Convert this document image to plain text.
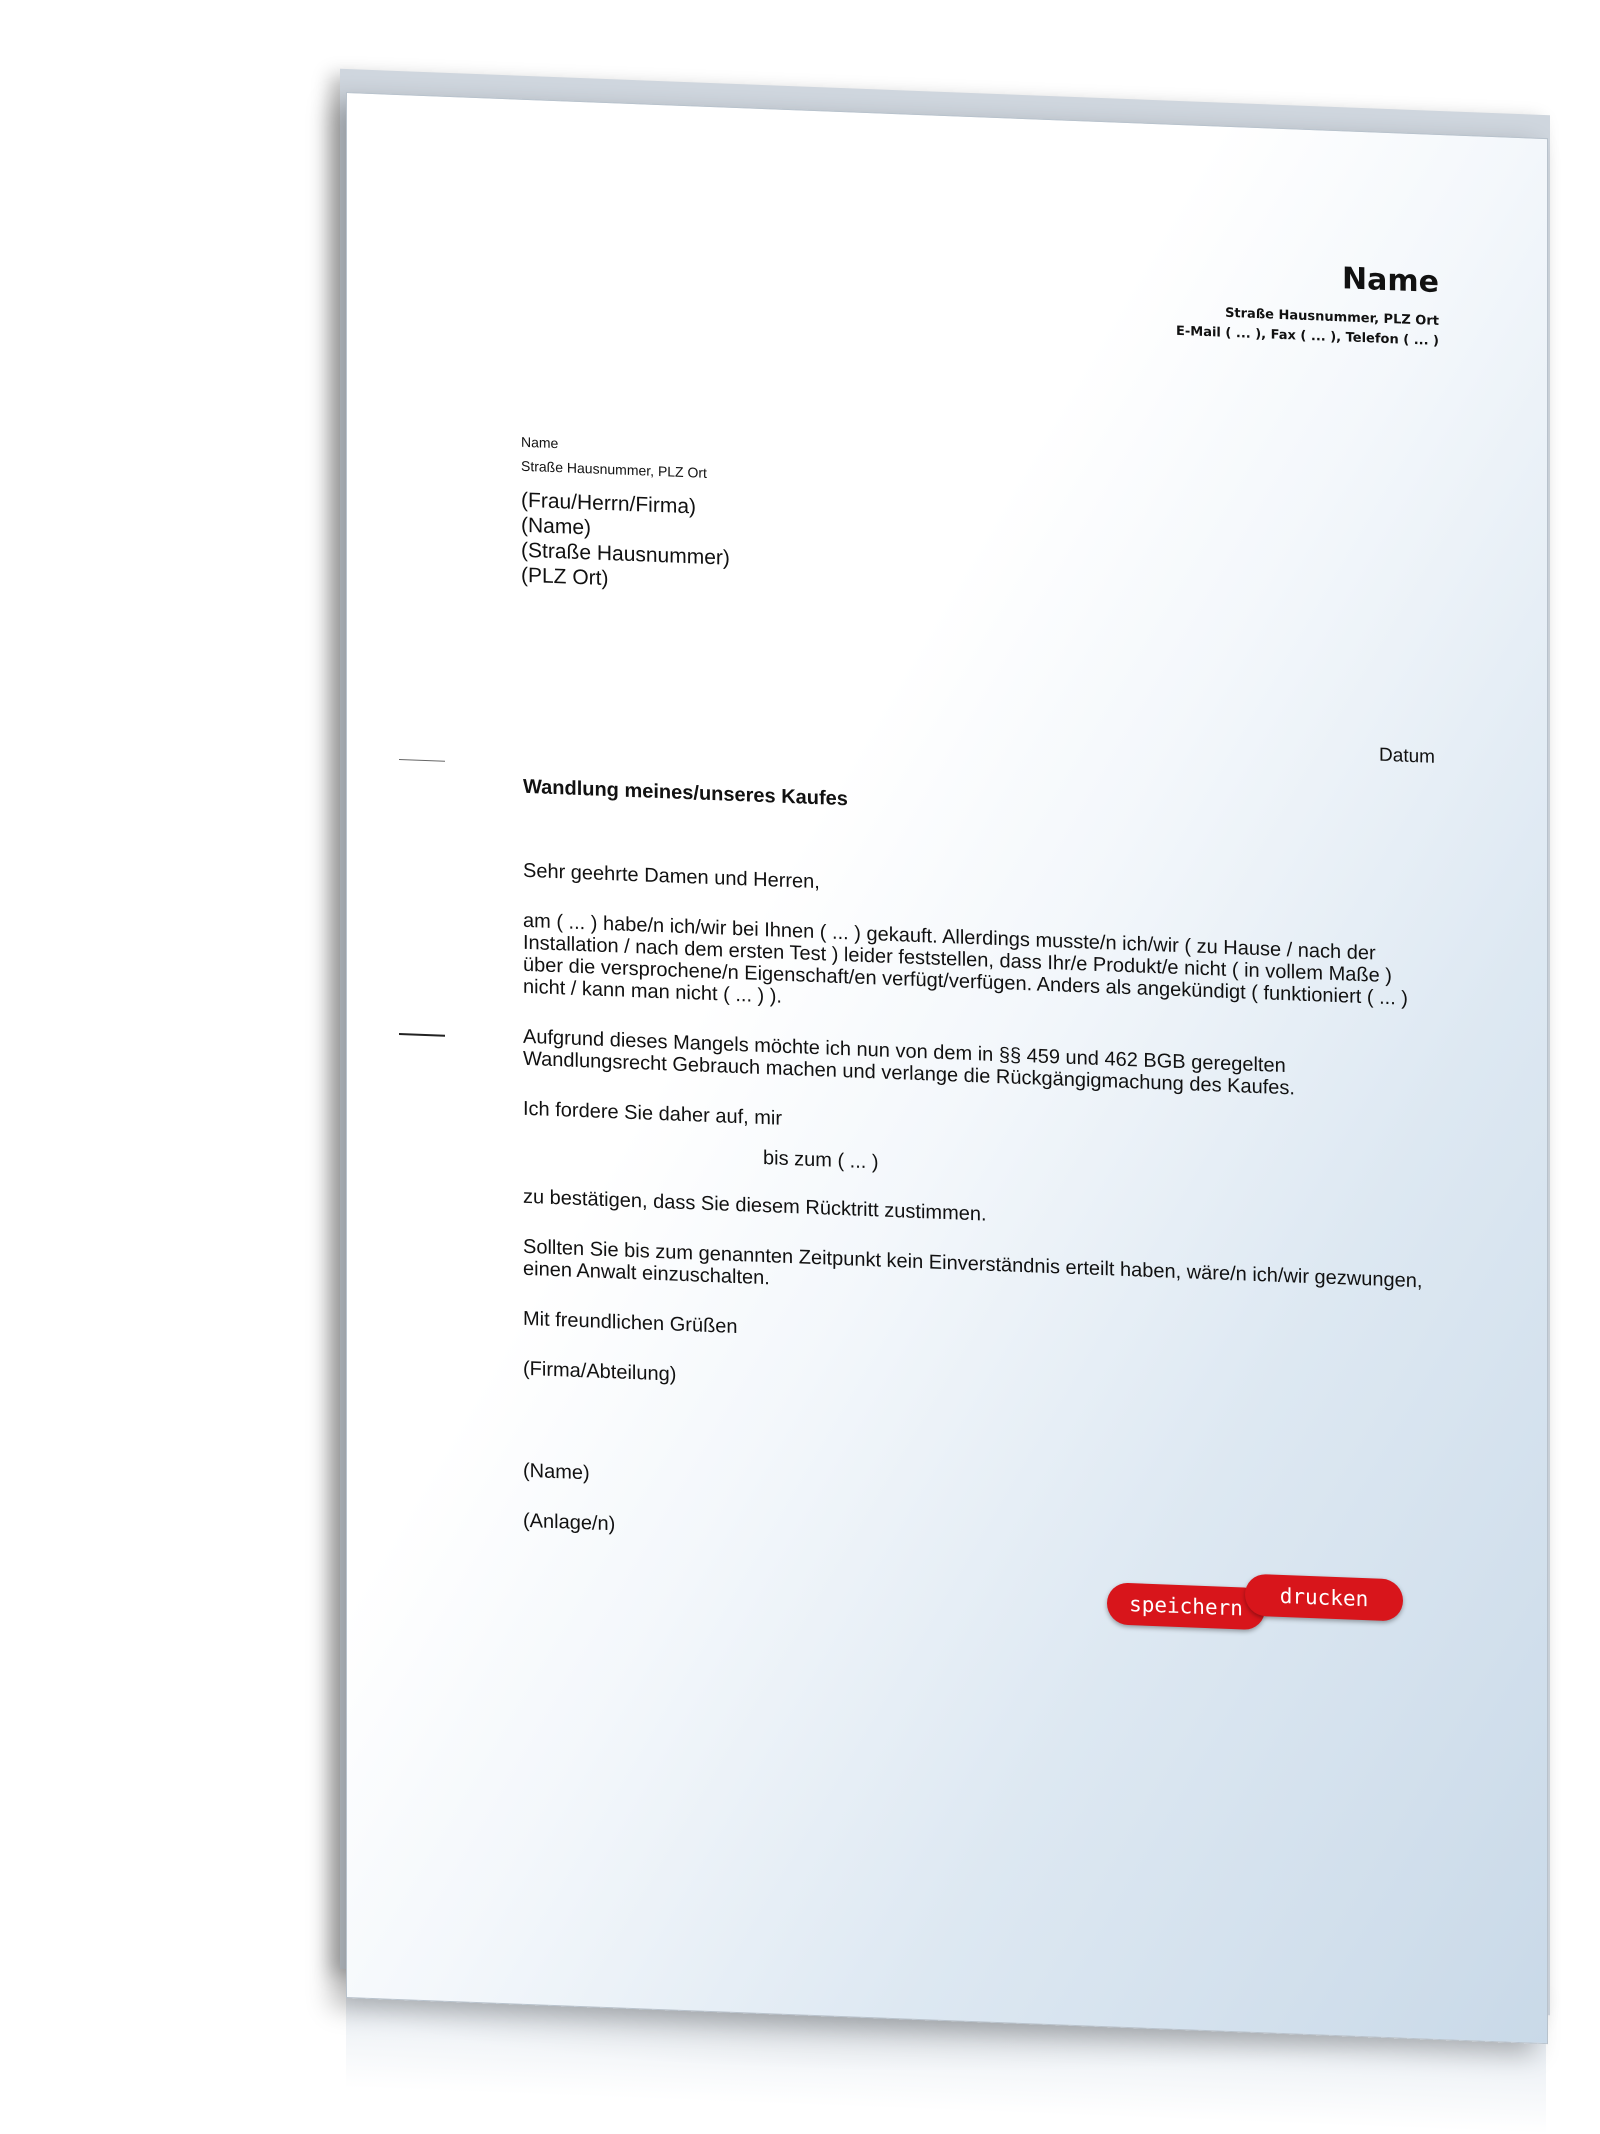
Name
Straße Hausnummer, PLZ Ort
E-Mail ( ... ), Fax ( ... ), Telefon ( ... )
Name
Straße Hausnummer, PLZ Ort
(Frau/Herrn/Firma)
(Name)
(Straße Hausnummer)
(PLZ Ort)
Datum
Wandlung meines/unseres Kaufes

Sehr geehrte Damen und Herren,

am ( ... ) habe/n ich/wir bei Ihnen ( ... ) gekauft. Allerdings musste/n ich/wir ( zu Hause / nach der Installation / nach dem ersten Test ) leider feststellen, dass Ihr/e Produkt/e nicht ( in vollem Maße ) über die versprochene/n Eigenschaft/en verfügt/verfügen. Anders als angekündigt ( funktioniert ( ... ) nicht / kann man nicht ( ... ) ).

Aufgrund dieses Mangels möchte ich nun von dem in §§ 459 und 462 BGB geregelten Wandlungsrecht Gebrauch machen und verlange die Rückgängigmachung des Kaufes.

Ich fordere Sie daher auf, mir

bis zum ( ... )

zu bestätigen, dass Sie diesem Rücktritt zustimmen.

Sollten Sie bis zum genannten Zeitpunkt kein Einverständnis erteilt haben, wäre/n ich/wir gezwungen, einen Anwalt einzuschalten.

Mit freundlichen Grüßen

(Firma/Abteilung)

(Name)

(Anlage/n)

speichern	drucken
